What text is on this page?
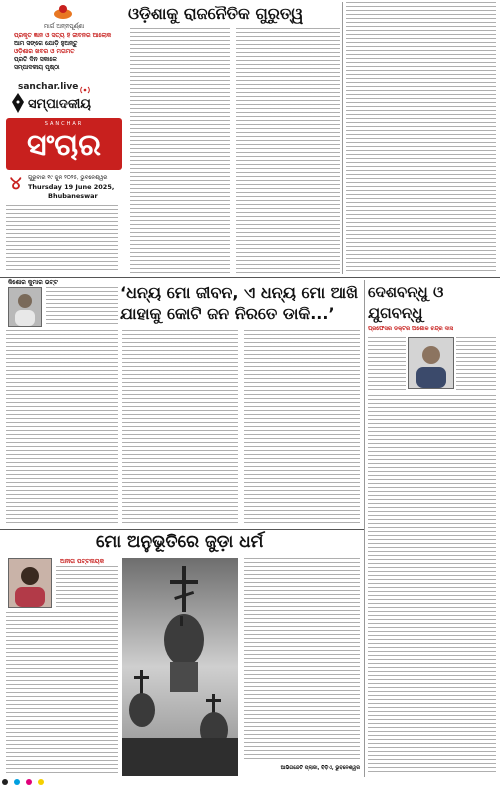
ମାର୍ଗ ଅନ୍ନପୂର୍ଣ୍ଣା
ପ୍ରକୃତ ଜ୍ଞାନ ଓ ସତ୍ୟ ହିଁ ଜୀବନର ଆଲୋକ
ଆମ ସଙ୍ଗେ ଯୋଡ଼ି ହୁଅନ୍ତୁ
ଓଡ଼ିଶାର ଖବର ଓ ମତାମତ
ପ୍ରତି ଦିନ ସକାଳେ
ସମ୍ପାଦକୀୟ ପୃଷ୍ଠା
sanchar.live
ସମ୍ପାଦକୀୟ
SANCHAR
ସଂଚାର
୪ ଗୁରୁବାର ୧୯ ଜୁନ ୨୦୨୫, ଭୁବନେଶ୍ୱର
Thursday 19 June 2025,
Bhubaneswar
ଓଡ଼ିଶାକୁ ରାଜନୈତିକ ଗୁରୁତ୍ୱ
କିଶୋର କୁମାର ଭଟ୍ଟ
‘ଧନ୍ୟ ମୋ ଜୀବନ, ଏ ଧନ୍ୟ ମୋ ଆଖି
ଯାହାକୁ କୋଟି ଜନ ନିରତେ ଡାକି...’
ଦେଶବନ୍ଧୁ ଓ
ଯୁଗବନ୍ଧୁ
ପ୍ରଫେସର ଡକ୍ଟର ଅଶୋକ ଚନ୍ଦ୍ର ଦାସ
ମୋ ଅନୁଭୂତିରେ ଜୁଡ଼ା ଧର୍ମ
ଅନୀତା ପଟ୍ଟନାୟକ
ଆଭିଗନ୍ଦେଟି ପ୍ଲାଜା, ବିଡ଼ିଏ, ଭୁବନେଶ୍ୱର
